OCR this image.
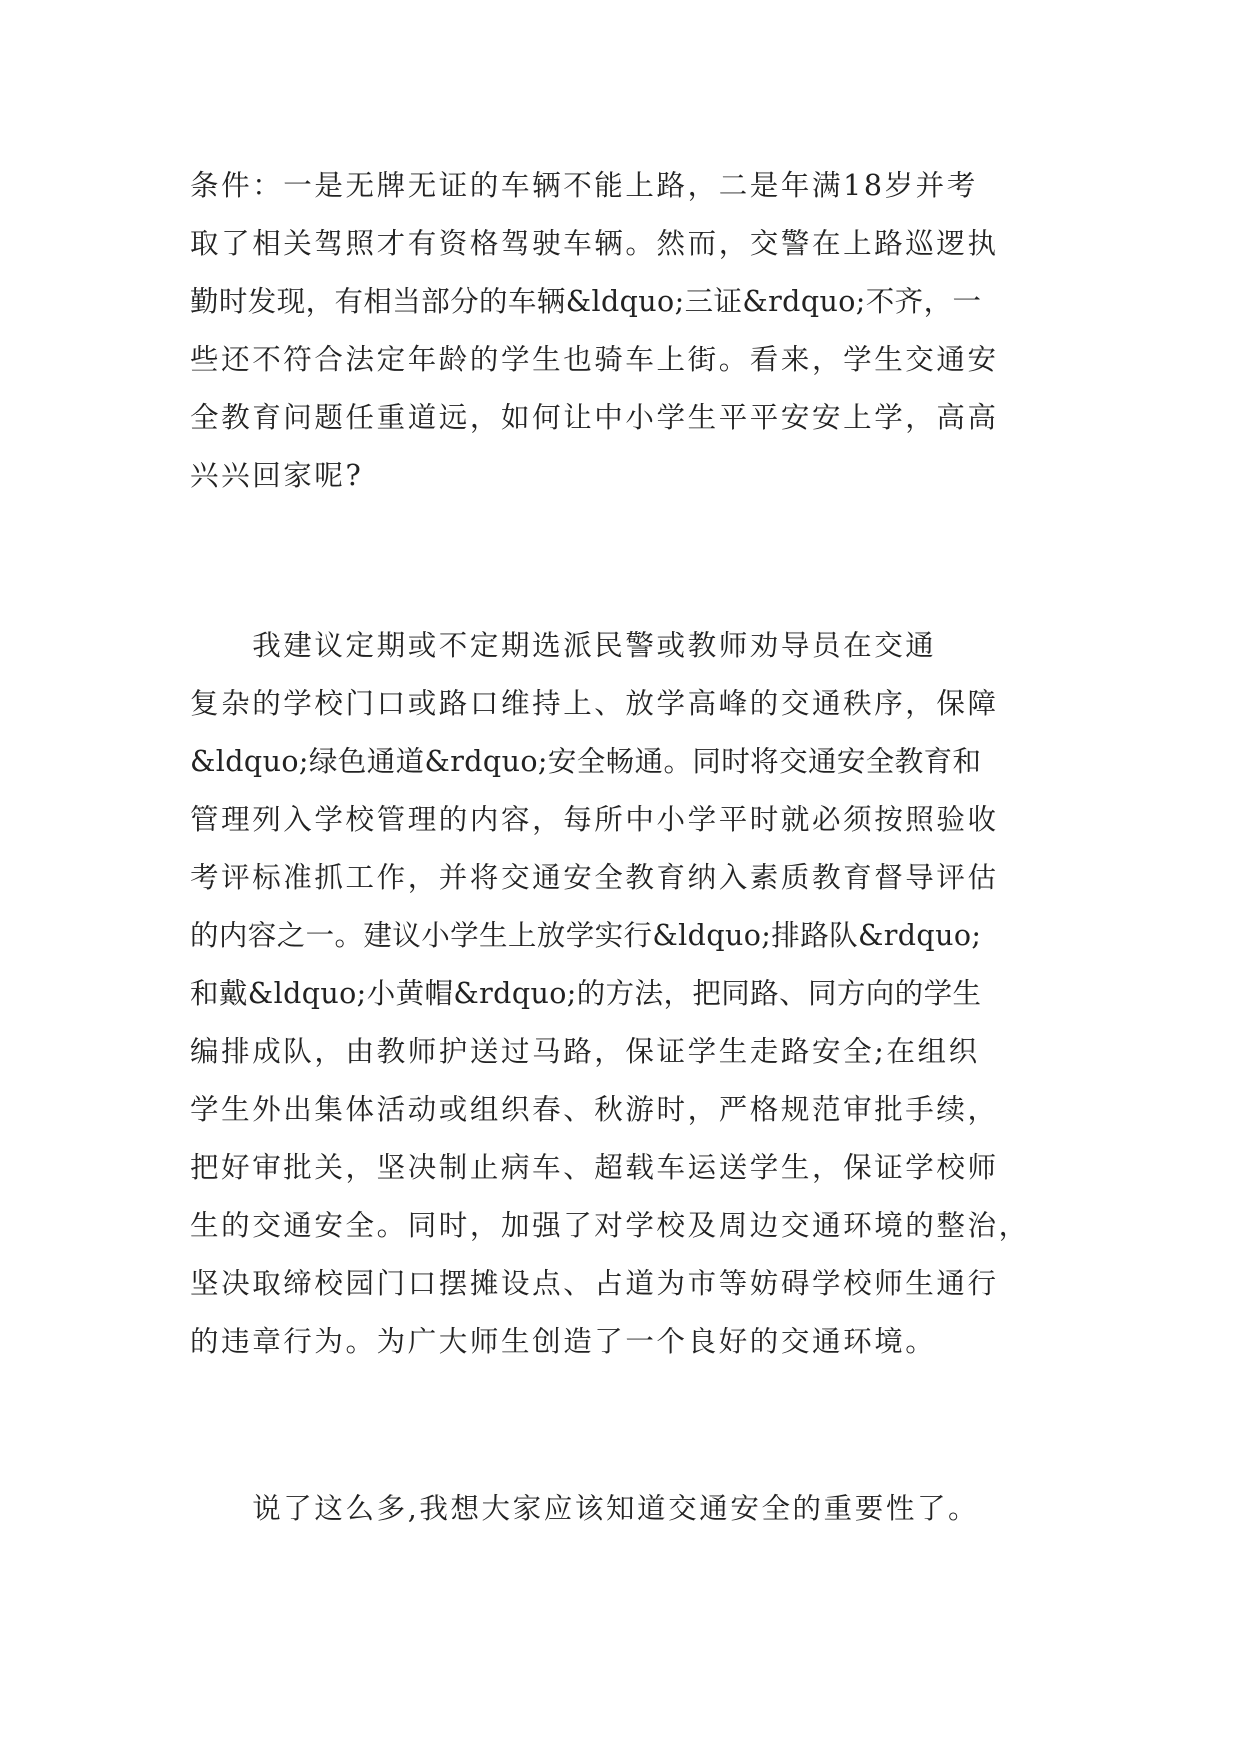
条件：一是无牌无证的车辆不能上路，二是年满18岁并考
取了相关驾照才有资格驾驶车辆。然而，交警在上路巡逻执
勤时发现，有相当部分的车辆&ldquo;三证&rdquo;不齐，一
些还不符合法定年龄的学生也骑车上街。看来，学生交通安
全教育问题任重道远，如何让中小学生平平安安上学，高高
兴兴回家呢?
　　我建议定期或不定期选派民警或教师劝导员在交通
复杂的学校门口或路口维持上、放学高峰的交通秩序，保障
&ldquo;绿色通道&rdquo;安全畅通。同时将交通安全教育和
管理列入学校管理的内容，每所中小学平时就必须按照验收
考评标准抓工作，并将交通安全教育纳入素质教育督导评估
的内容之一。建议小学生上放学实行&ldquo;排路队&rdquo;
和戴&ldquo;小黄帽&rdquo;的方法，把同路、同方向的学生
编排成队，由教师护送过马路，保证学生走路安全;在组织
学生外出集体活动或组织春、秋游时，严格规范审批手续，
把好审批关，坚决制止病车、超载车运送学生，保证学校师
生的交通安全。同时，加强了对学校及周边交通环境的整治，
坚决取缔校园门口摆摊设点、占道为市等妨碍学校师生通行
的违章行为。为广大师生创造了一个良好的交通环境。
　　说了这么多,我想大家应该知道交通安全的重要性了。
